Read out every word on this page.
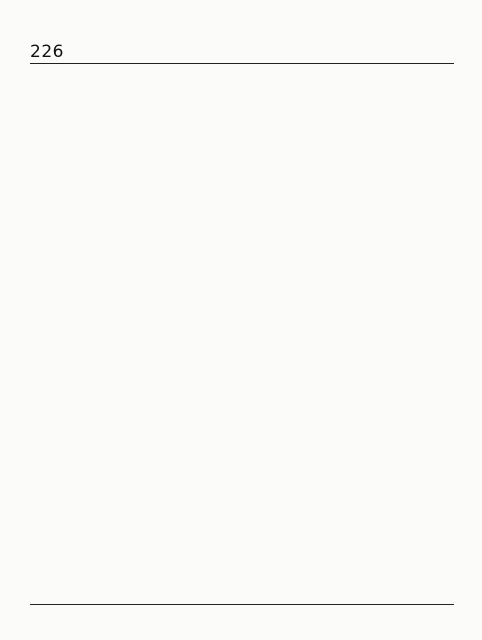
226
